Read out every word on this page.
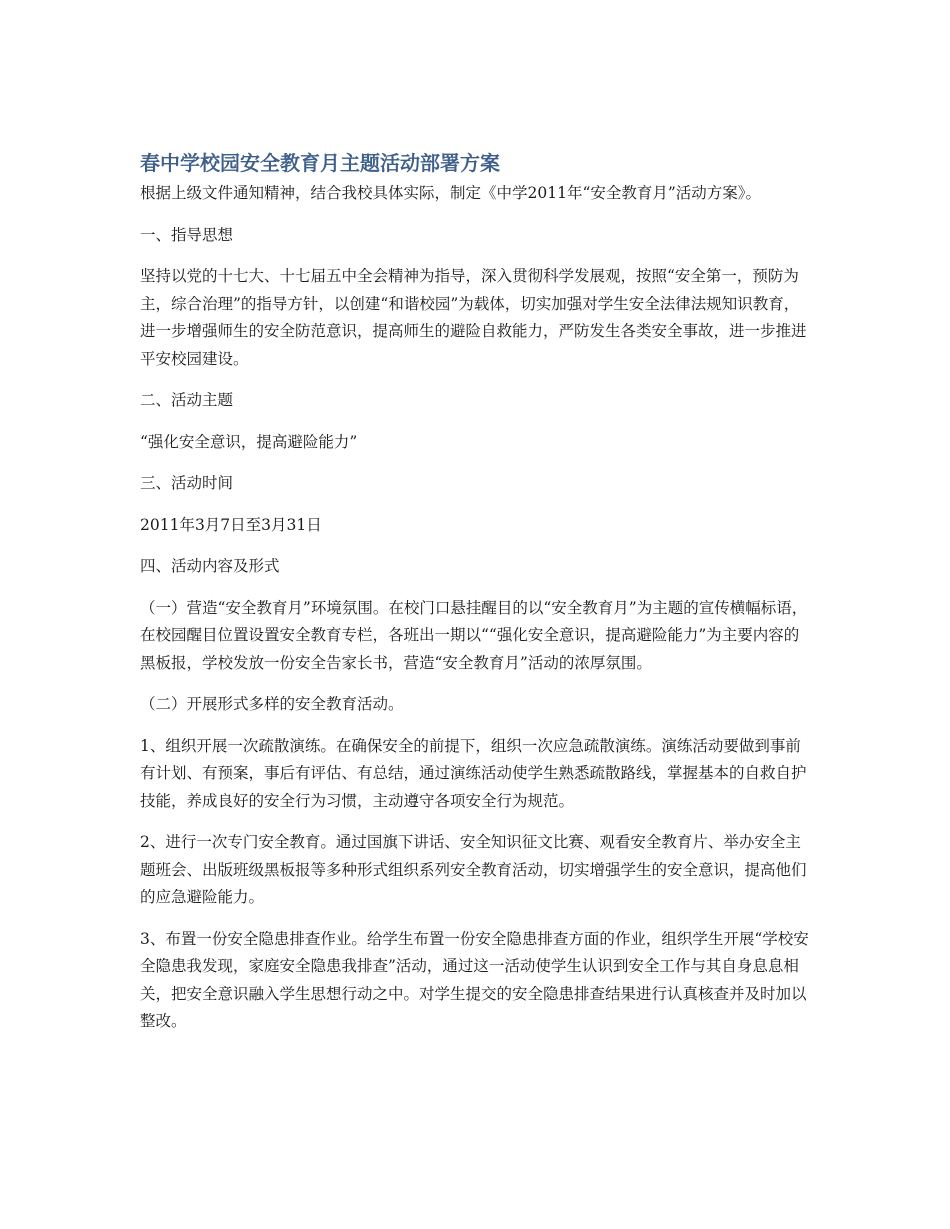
春中学校园安全教育月主题活动部署方案

根据上级文件通知精神，结合我校具体实际，制定《中学2011年“安全教育月”活动方案》。

一、指导思想

坚持以党的十七大、十七届五中全会精神为指导，深入贯彻科学发展观，按照“安全第一，预防为主，综合治理”的指导方针，以创建“和谐校园”为载体，切实加强对学生安全法律法规知识教育，进一步增强师生的安全防范意识，提高师生的避险自救能力，严防发生各类安全事故，进一步推进平安校园建设。

二、活动主题

“强化安全意识，提高避险能力”

三、活动时间

2011年3月7日至3月31日

四、活动内容及形式

（一）营造“安全教育月”环境氛围。在校门口悬挂醒目的以“安全教育月”为主题的宣传横幅标语，在校园醒目位置设置安全教育专栏，各班出一期以““强化安全意识，提高避险能力”为主要内容的黑板报，学校发放一份安全告家长书，营造“安全教育月”活动的浓厚氛围。

（二）开展形式多样的安全教育活动。

1、组织开展一次疏散演练。在确保安全的前提下，组织一次应急疏散演练。演练活动要做到事前有计划、有预案，事后有评估、有总结，通过演练活动使学生熟悉疏散路线，掌握基本的自救自护技能，养成良好的安全行为习惯，主动遵守各项安全行为规范。

2、进行一次专门安全教育。通过国旗下讲话、安全知识征文比赛、观看安全教育片、举办安全主题班会、出版班级黑板报等多种形式组织系列安全教育活动，切实增强学生的安全意识，提高他们的应急避险能力。

3、布置一份安全隐患排查作业。给学生布置一份安全隐患排查方面的作业，组织学生开展“学校安全隐患我发现，家庭安全隐患我排查”活动，通过这一活动使学生认识到安全工作与其自身息息相关，把安全意识融入学生思想行动之中。对学生提交的安全隐患排查结果进行认真核查并及时加以整改。
